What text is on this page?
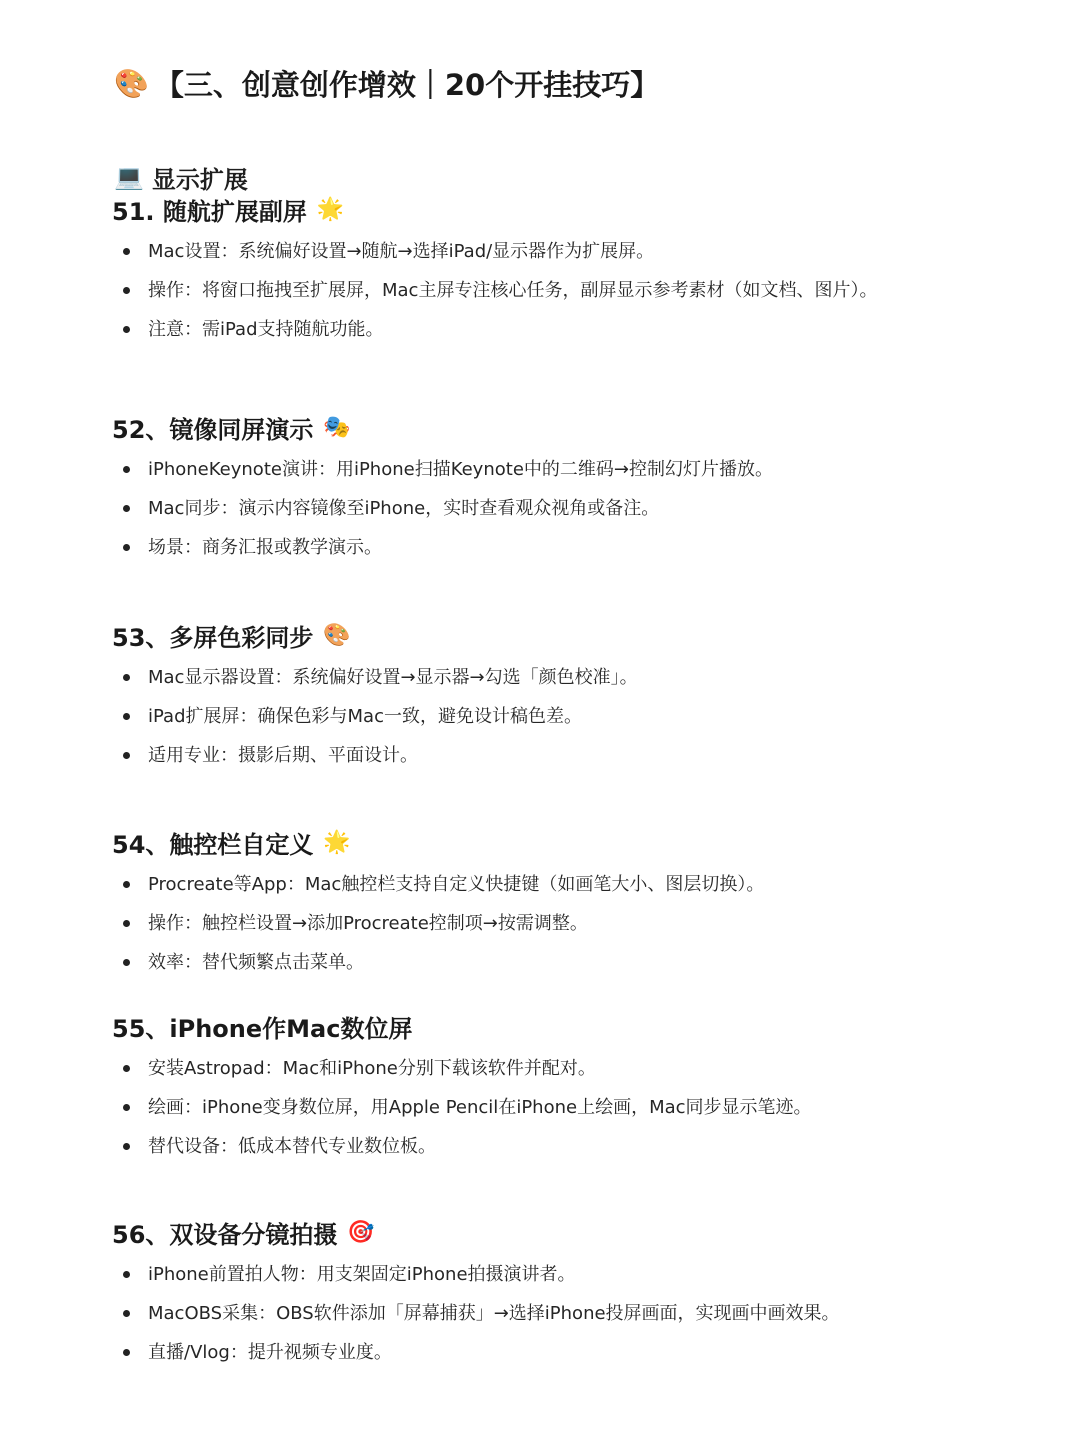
🎨 【三、创意创作增效｜20个开挂技巧】
💻 显示扩展
51. 随航扩展副屏 🌟
Mac设置：系统偏好设置→随航→选择iPad/显示器作为扩展屏。
操作：将窗口拖拽至扩展屏，Mac主屏专注核心任务，副屏显示参考素材（如文档、图片）。
注意：需iPad支持随航功能。
52、镜像同屏演示 🎭
iPhoneKeynote演讲：用iPhone扫描Keynote中的二维码→控制幻灯片播放。
Mac同步：演示内容镜像至iPhone，实时查看观众视角或备注。
场景：商务汇报或教学演示。
53、多屏色彩同步 🎨
Mac显示器设置：系统偏好设置→显示器→勾选「颜色校准」。
iPad扩展屏：确保色彩与Mac一致，避免设计稿色差。
适用专业：摄影后期、平面设计。
54、触控栏自定义 🌟
Procreate等App：Mac触控栏支持自定义快捷键（如画笔大小、图层切换）。
操作：触控栏设置→添加Procreate控制项→按需调整。
效率：替代频繁点击菜单。
55、iPhone作Mac数位屏
安装Astropad：Mac和iPhone分别下载该软件并配对。
绘画：iPhone变身数位屏，用Apple Pencil在iPhone上绘画，Mac同步显示笔迹。
替代设备：低成本替代专业数位板。
56、双设备分镜拍摄 🎯
iPhone前置拍人物：用支架固定iPhone拍摄演讲者。
MacOBS采集：OBS软件添加「屏幕捕获」→选择iPhone投屏画面，实现画中画效果。
直播/Vlog：提升视频专业度。
